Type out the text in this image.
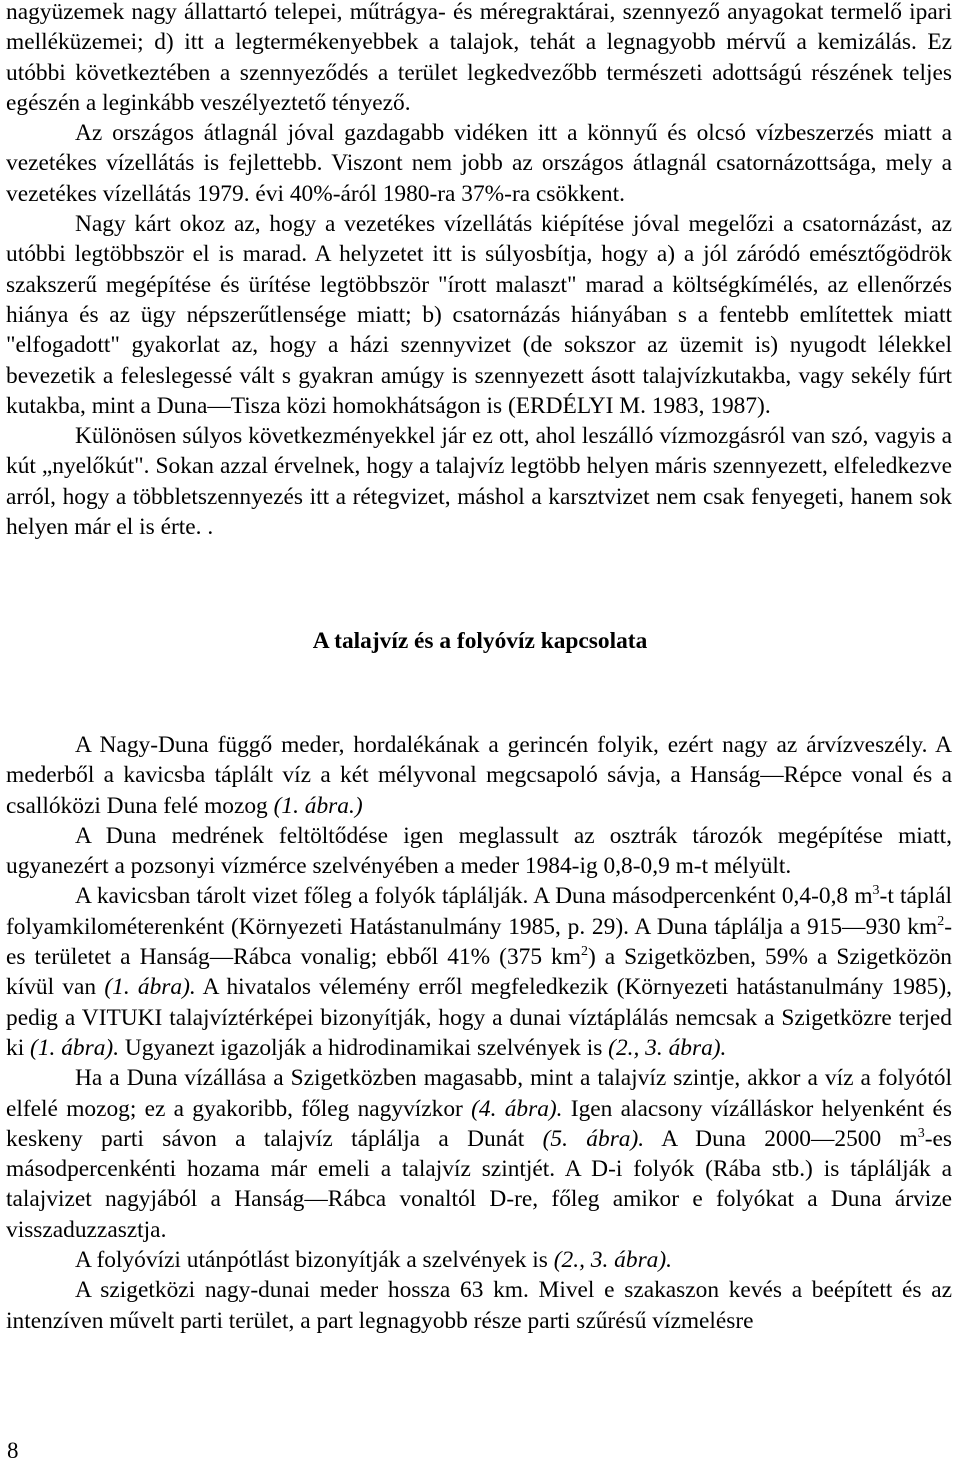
nagyüzemek nagy állattartó telepei, műtrágya- és méregraktárai, szennyező anyagokat termelő ipari melléküzemei; d) itt a legtermékenyebbek a talajok, tehát a legnagyobb mérvű a kemizálás. Ez utóbbi következtében a szennyeződés a terület legkedvezőbb természeti adottságú részének teljes egészén a leginkább veszélyeztető tényező.

Az országos átlagnál jóval gazdagabb vidéken itt a könnyű és olcsó vízbeszerzés miatt a vezetékes vízellátás is fejlettebb. Viszont nem jobb az országos átlagnál csatornázottsága, mely a vezetékes vízellátás 1979. évi 40%-áról 1980-ra 37%-ra csökkent.

Nagy kárt okoz az, hogy a vezetékes vízellátás kiépítése jóval megelőzi a csatornázást, az utóbbi legtöbbször el is marad. A helyzetet itt is súlyosbítja, hogy a) a jól záródó emésztőgödrök szakszerű megépítése és ürítése legtöbbször "írott malaszt" marad a költségkímélés, az ellenőrzés hiánya és az ügy népszerűtlensége miatt; b) csatornázás hiányában s a fentebb említettek miatt "elfogadott" gyakorlat az, hogy a házi szennyvizet (de sokszor az üzemit is) nyugodt lélekkel bevezetik a feleslegessé vált s gyakran amúgy is szennyezett ásott talajvízkutakba, vagy sekély fúrt kutakba, mint a Duna—Tisza közi homokhátságon is (ERDÉLYI M. 1983, 1987).

Különösen súlyos következményekkel jár ez ott, ahol leszálló vízmozgásról van szó, vagyis a kút „nyelőkút". Sokan azzal érvelnek, hogy a talajvíz legtöbb helyen máris szennyezett, elfeledkezve arról, hogy a többletszennyezés itt a rétegvizet, máshol a karsztvizet nem csak fenyegeti, hanem sok helyen már el is érte. .

A talajvíz és a folyóvíz kapcsolata

A Nagy-Duna függő meder, hordalékának a gerincén folyik, ezért nagy az árvízveszély. A mederből a kavicsba táplált víz a két mélyvonal megcsapoló sávja, a Hanság—Répce vonal és a csallóközi Duna felé mozog (1. ábra.)

A Duna medrének feltöltődése igen meglassult az osztrák tározók megépítése miatt, ugyanezért a pozsonyi vízmérce szelvényében a meder 1984-ig 0,8-0,9 m-t mélyült.

A kavicsban tárolt vizet főleg a folyók táplálják. A Duna másodpercenként 0,4-0,8 $m^3-t$ táplál folyamkilométerenként (Környezeti Hatástanulmány 1985, p. 29). A Duna táplálja a 915—930 $km^2-es$ területet a Hanság—Rábca vonalig; ebből 41% (375 $km^2$) a Szigetközben, 59% a Szigetközön kívül van (1. ábra). A hivatalos vélemény erről megfeledkezik (Környezeti hatástanulmány 1985), pedig a VITUKI talajvíztérképei bizonyítják, hogy a dunai víztáplálás nemcsak a Szigetközre terjed ki (1. ábra). Ugyanezt igazolják a hidrodinamikai szelvények is (2., 3. ábra).

Ha a Duna vízállása a Szigetközben magasabb, mint a talajvíz szintje, akkor a víz a folyótól elfelé mozog; ez a gyakoribb, főleg nagyvízkor (4. ábra). Igen alacsony vízálláskor helyenként és keskeny parti sávon a talajvíz táplálja a Dunát (5. ábra). A Duna 2000—2500 $m^3-es$ másodpercenkénti hozama már emeli a talajvíz szintjét. A D-i folyók (Rába stb.) is táplálják a talajvizet nagyjából a Hanság—Rábca vonaltól D-re, főleg amikor e folyókat a Duna árvize visszaduzzasztja.

A folyóvízi utánpótlást bizonyítják a szelvények is (2., 3. ábra).

A szigetközi nagy-dunai meder hossza 63 km. Mivel e szakaszon kevés a beépített és az intenzíven művelt parti terület, a part legnagyobb része parti szűrésű vízmelésre

8
